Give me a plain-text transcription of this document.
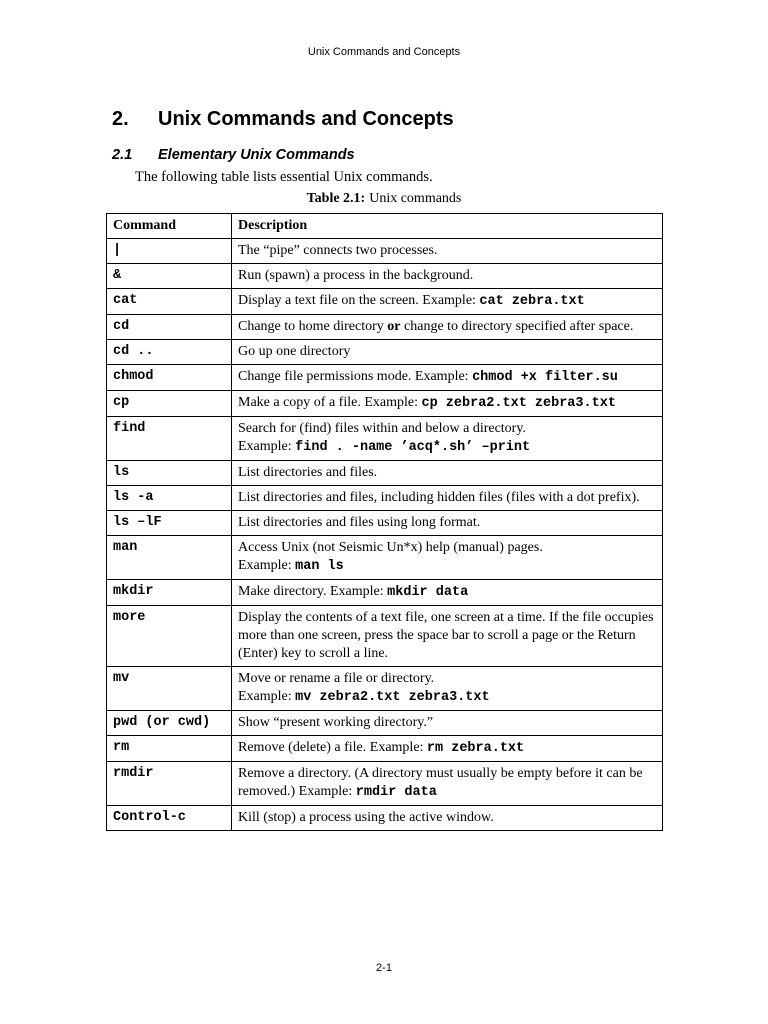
Unix Commands and Concepts
2. Unix Commands and Concepts
2.1 Elementary Unix Commands

The following table lists essential Unix commands.

Table 2.1: Unix commands

Command	Description
|	The “pipe” connects two processes.
&	Run (spawn) a process in the background.
cat	Display a text file on the screen. Example: cat zebra.txt
cd	Change to home directory or change to directory specified after space.
cd ..	Go up one directory
chmod	Change file permissions mode. Example: chmod +x filter.su
cp	Make a copy of a file. Example: cp zebra2.txt zebra3.txt
find	Search for (find) files within and below a directory.
Example: find . -name ’acq*.sh’ –print
ls	List directories and files.
ls -a	List directories and files, including hidden files (files with a dot prefix).
ls –lF	List directories and files using long format.
man	Access Unix (not Seismic Un*x) help (manual) pages.
Example: man ls
mkdir	Make directory. Example: mkdir data
more	Display the contents of a text file, one screen at a time. If the file occupies more than one screen, press the space bar to scroll a page or the Return (Enter) key to scroll a line.
mv	Move or rename a file or directory.
Example: mv zebra2.txt zebra3.txt
pwd (or cwd)	Show “present working directory.”
rm	Remove (delete) a file. Example: rm zebra.txt
rmdir	Remove a directory. (A directory must usually be empty before it can be removed.) Example: rmdir data
Control-c	Kill (stop) a process using the active window.
2-1
